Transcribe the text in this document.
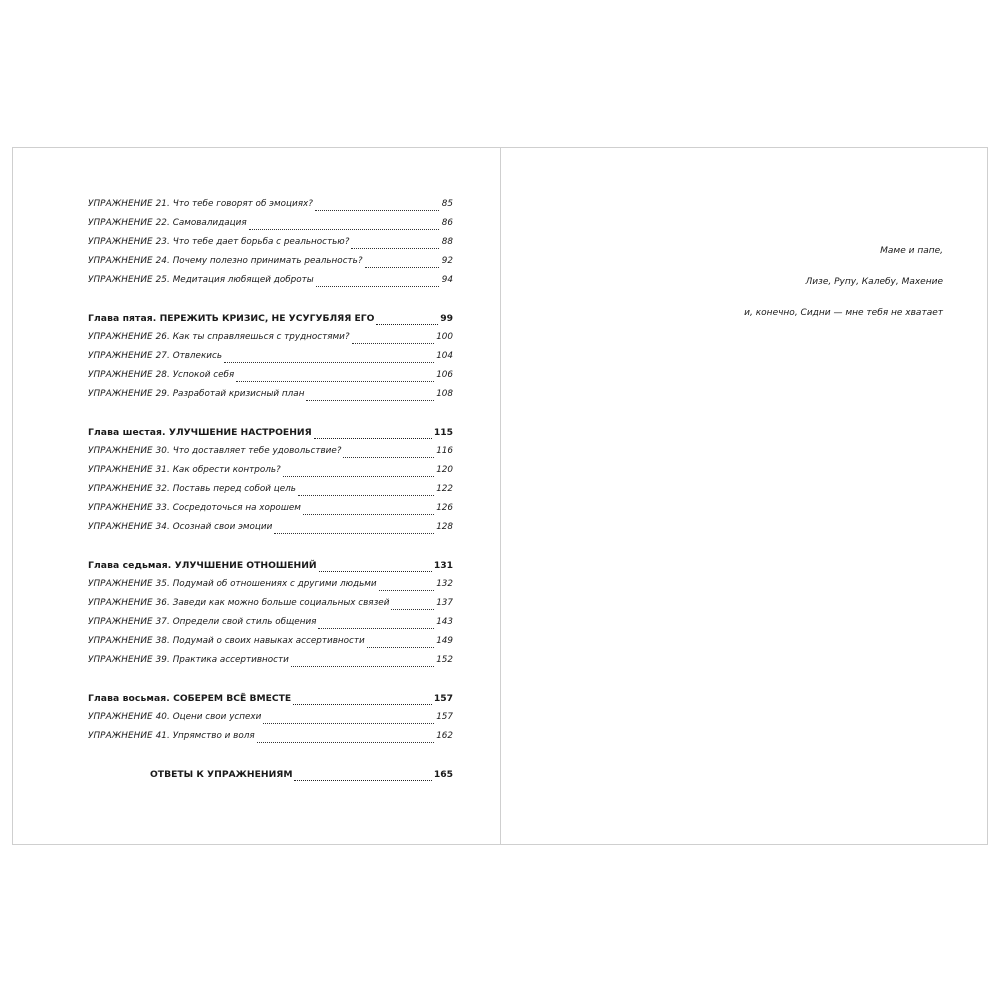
УПРАЖНЕНИЕ 21. Что тебе говорят об эмоциях?	85
УПРАЖНЕНИЕ 22. Самовалидация	86
УПРАЖНЕНИЕ 23. Что тебе дает борьба с реальностью?	88
УПРАЖНЕНИЕ 24. Почему полезно принимать реальность?	92
УПРАЖНЕНИЕ 25. Медитация любящей доброты	94
Глава пятая. ПЕРЕЖИТЬ КРИЗИС, НЕ УСУГУБЛЯЯ ЕГО	99
УПРАЖНЕНИЕ 26. Как ты справляешься с трудностями?	100
УПРАЖНЕНИЕ 27. Отвлекись	104
УПРАЖНЕНИЕ 28. Успокой себя	106
УПРАЖНЕНИЕ 29. Разработай кризисный план	108
Глава шестая. УЛУЧШЕНИЕ НАСТРОЕНИЯ	115
УПРАЖНЕНИЕ 30. Что доставляет тебе удовольствие?	116
УПРАЖНЕНИЕ 31. Как обрести контроль?	120
УПРАЖНЕНИЕ 32. Поставь перед собой цель	122
УПРАЖНЕНИЕ 33. Сосредоточься на хорошем	126
УПРАЖНЕНИЕ 34. Осознай свои эмоции	128
Глава седьмая. УЛУЧШЕНИЕ ОТНОШЕНИЙ	131
УПРАЖНЕНИЕ 35. Подумай об отношениях с другими людьми	132
УПРАЖНЕНИЕ 36. Заведи как можно больше социальных связей	137
УПРАЖНЕНИЕ 37. Определи свой стиль общения	143
УПРАЖНЕНИЕ 38. Подумай о своих навыках ассертивности	149
УПРАЖНЕНИЕ 39. Практика ассертивности	152
Глава восьмая. СОБЕРЕМ ВСЁ ВМЕСТЕ	157
УПРАЖНЕНИЕ 40. Оцени свои успехи	157
УПРАЖНЕНИЕ 41. Упрямство и воля	162
ОТВЕТЫ К УПРАЖНЕНИЯМ	165
Маме и папе,
Лизе, Рупу, Калебу, Махение
и, конечно, Сидни — мне тебя не хватает
